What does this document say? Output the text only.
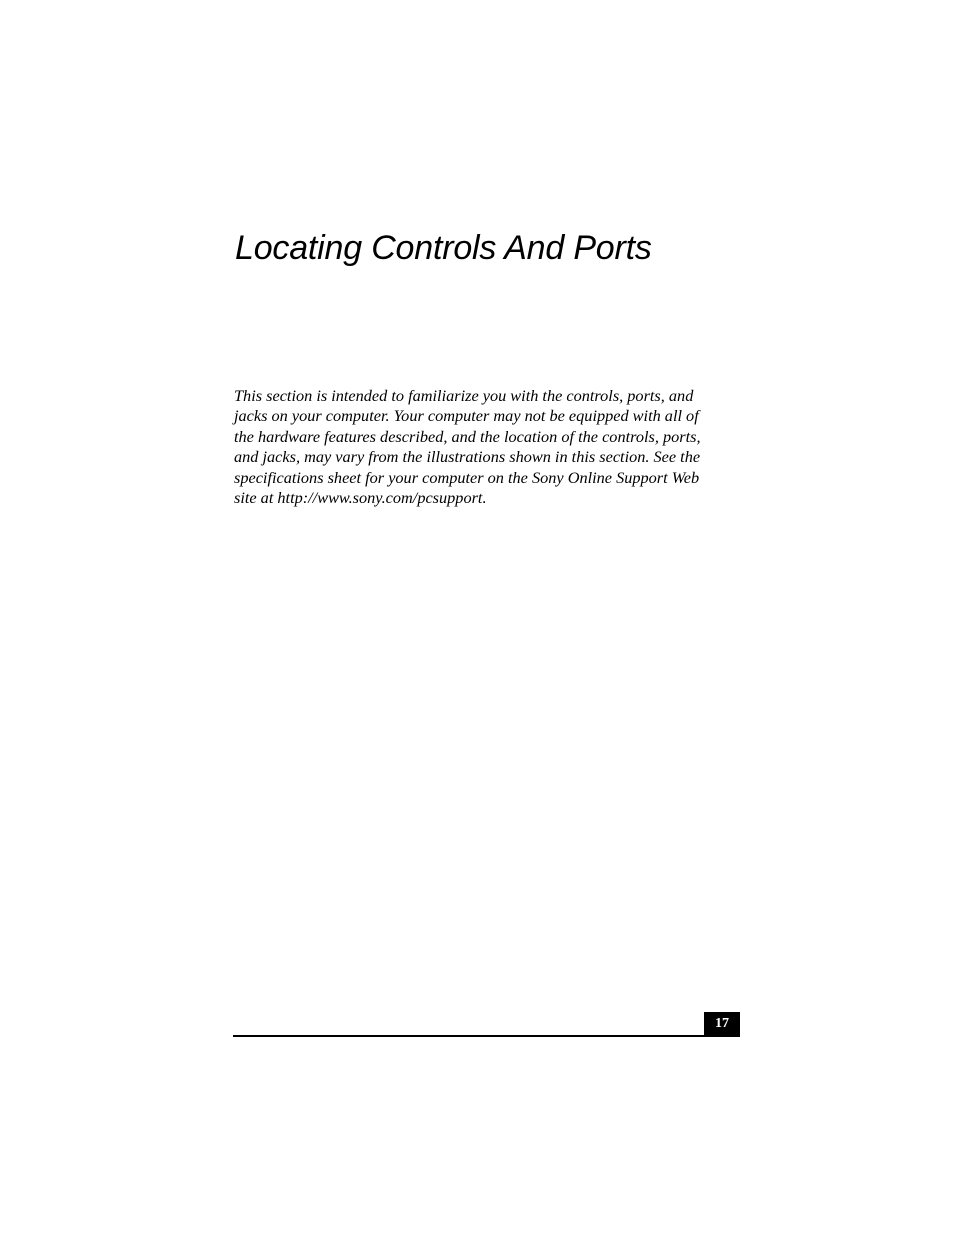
Locating Controls And Ports

This section is intended to familiarize you with the controls, ports, and
jacks on your computer. Your computer may not be equipped with all of
the hardware features described, and the location of the controls, ports,
and jacks, may vary from the illustrations shown in this section. See the
specifications sheet for your computer on the Sony Online Support Web
site at http://www.sony.com/pcsupport.

17
